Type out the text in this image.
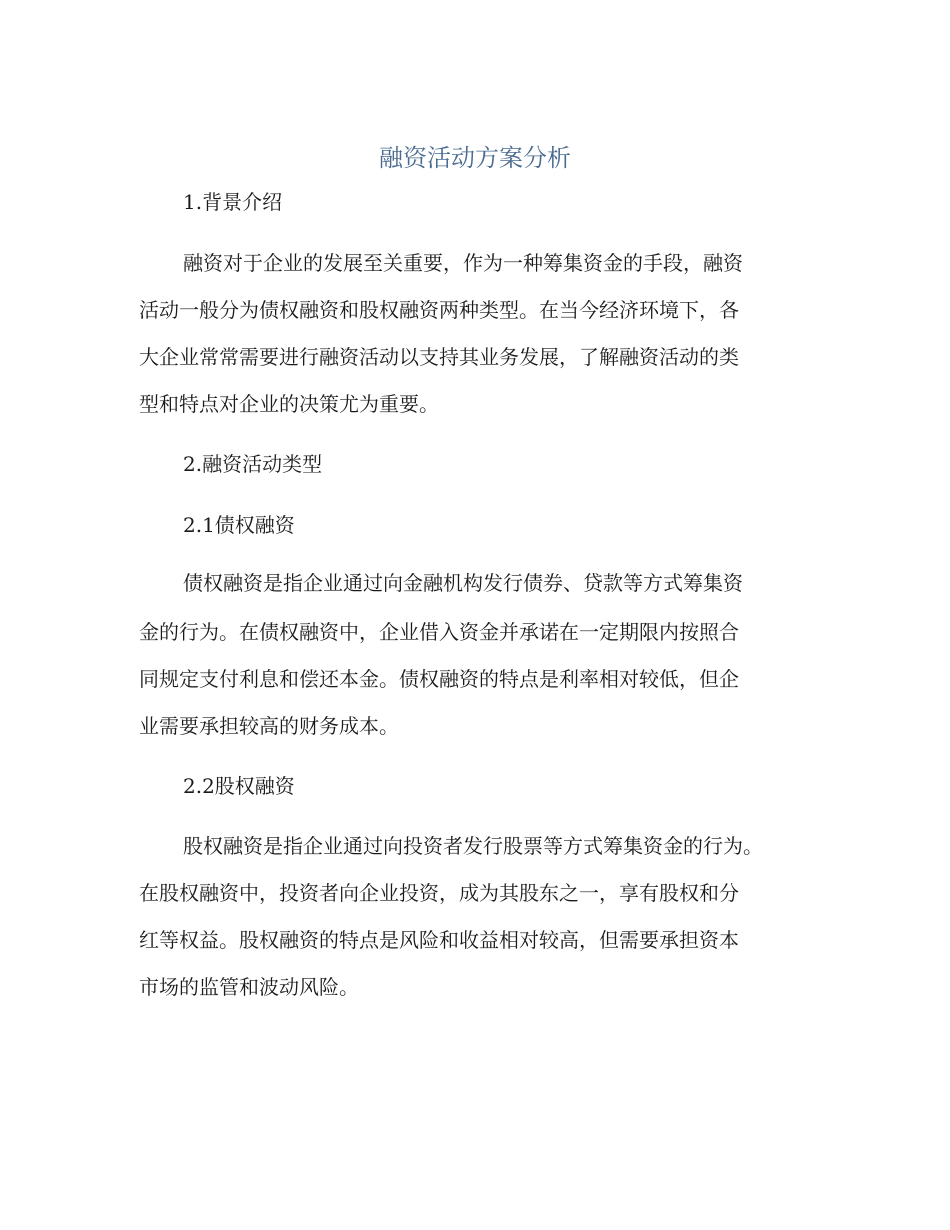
融资活动方案分析
1.背景介绍
融资对于企业的发展至关重要，作为一种筹集资金的手段，融资
活动一般分为债权融资和股权融资两种类型。在当今经济环境下，各
大企业常常需要进行融资活动以支持其业务发展，了解融资活动的类
型和特点对企业的决策尤为重要。
2.融资活动类型
2.1债权融资
债权融资是指企业通过向金融机构发行债券、贷款等方式筹集资
金的行为。在债权融资中，企业借入资金并承诺在一定期限内按照合
同规定支付利息和偿还本金。债权融资的特点是利率相对较低，但企
业需要承担较高的财务成本。
2.2股权融资
股权融资是指企业通过向投资者发行股票等方式筹集资金的行为。
在股权融资中，投资者向企业投资，成为其股东之一，享有股权和分
红等权益。股权融资的特点是风险和收益相对较高，但需要承担资本
市场的监管和波动风险。
